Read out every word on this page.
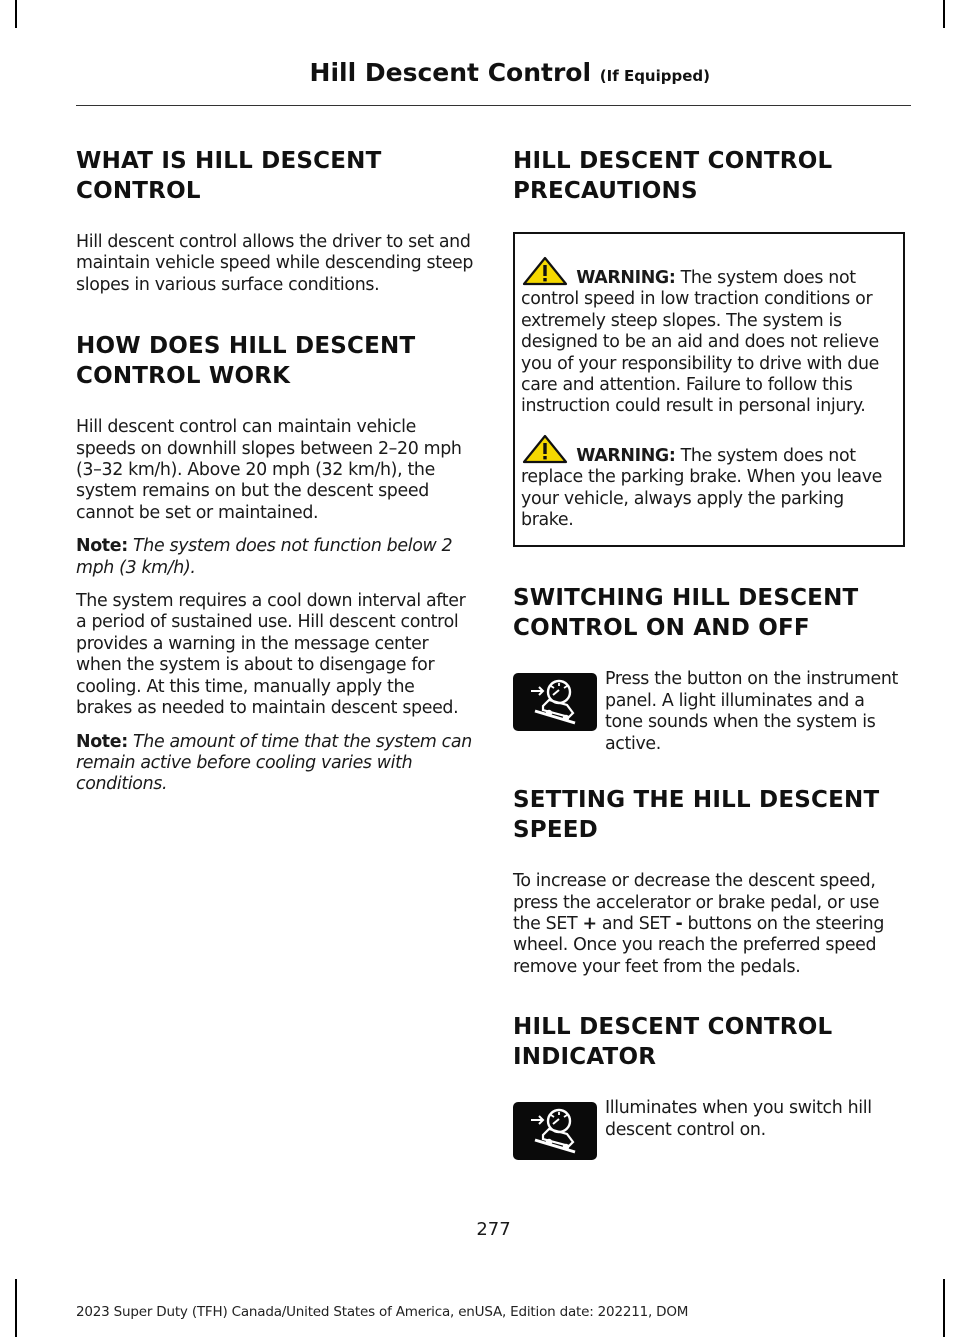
Hill Descent Control (If Equipped)
WHAT IS HILL DESCENT
CONTROL

Hill descent control allows the driver to set and maintain vehicle speed while descending steep slopes in various surface conditions.

HOW DOES HILL DESCENT
CONTROL WORK

Hill descent control can maintain vehicle speeds on downhill slopes between 2–20 mph (3–32 km/h). Above 20 mph (32 km/h), the system remains on but the descent speed cannot be set or maintained.

Note: The system does not function below 2 mph (3 km/h).

The system requires a cool down interval after a period of sustained use. Hill descent control provides a warning in the message center when the system is about to disengage for cooling. At this time, manually apply the brakes as needed to maintain descent speed.

Note: The amount of time that the system can remain active before cooling varies with conditions.

HILL DESCENT CONTROL
PRECAUTIONS

WARNING: The system does not control speed in low traction conditions or extremely steep slopes. The system is designed to be an aid and does not relieve you of your responsibility to drive with due care and attention. Failure to follow this instruction could result in personal injury.

WARNING: The system does not replace the parking brake. When you leave your vehicle, always apply the parking brake.

SWITCHING HILL DESCENT
CONTROL ON AND OFF

Press the button on the instrument panel. A light illuminates and a tone sounds when the system is active.

SETTING THE HILL DESCENT
SPEED

To increase or decrease the descent speed, press the accelerator or brake pedal, or use the SET + and SET - buttons on the steering wheel. Once you reach the preferred speed remove your feet from the pedals.

HILL DESCENT CONTROL
INDICATOR

Illuminates when you switch hill descent control on.

277
2023 Super Duty (TFH) Canada/United States of America, enUSA, Edition date: 202211, DOM
